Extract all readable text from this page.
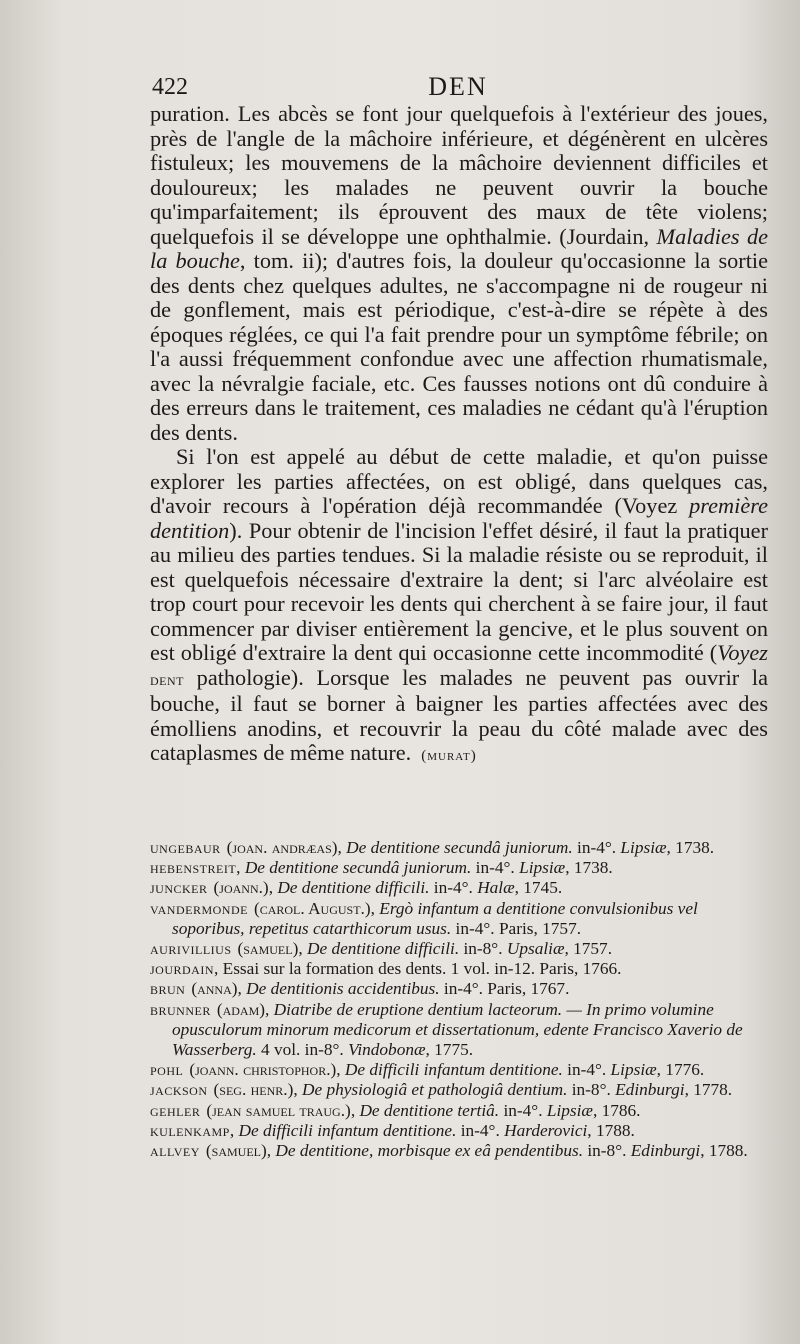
422	DEN

puration. Les abcès se font jour quelquefois à l'extérieur des joues, près de l'angle de la mâchoire inférieure, et dégénèrent en ulcères fistuleux; les mouvemens de la mâchoire deviennent difficiles et douloureux; les malades ne peuvent ouvrir la bouche qu'imparfaitement; ils éprouvent des maux de tête violens; quelquefois il se développe une ophthalmie. (Jourdain, Maladies de la bouche, tom. ii); d'autres fois, la douleur qu'occasionne la sortie des dents chez quelques adultes, ne s'accompagne ni de rougeur ni de gonflement, mais est périodique, c'est-à-dire se répète à des époques réglées, ce qui l'a fait prendre pour un symptôme fébrile; on l'a aussi fréquemment confondue avec une affection rhumatismale, avec la névralgie faciale, etc. Ces fausses notions ont dû conduire à des erreurs dans le traitement, ces maladies ne cédant qu'à l'éruption des dents.

Si l'on est appelé au début de cette maladie, et qu'on puisse explorer les parties affectées, on est obligé, dans quelques cas, d'avoir recours à l'opération déjà recommandée (Voyez première dentition). Pour obtenir de l'incision l'effet désiré, il faut la pratiquer au milieu des parties tendues. Si la maladie résiste ou se reproduit, il est quelquefois nécessaire d'extraire la dent; si l'arc alvéolaire est trop court pour recevoir les dents qui cherchent à se faire jour, il faut commencer par diviser entièrement la gencive, et le plus souvent on est obligé d'extraire la dent qui occasionne cette incommodité (Voyez dent pathologie). Lorsque les malades ne peuvent pas ouvrir la bouche, il faut se borner à baigner les parties affectées avec des émolliens anodins, et recouvrir la peau du côté malade avec des cataplasmes de même nature. (murat)

ungebaur (joan. andræas), De dentitione secundâ juniorum. in-4°. Lipsiæ, 1738.

hebenstreit, De dentitione secundâ juniorum. in-4°. Lipsiæ, 1738.

juncker (joann.), De dentitione difficili. in-4°. Halæ, 1745.

vandermonde (carol. August.), Ergò infantum a dentitione convulsionibus vel soporibus, repetitus catarthicorum usus. in-4°. Paris, 1757.

aurivillius (samuel), De dentitione difficili. in-8°. Upsaliæ, 1757.

jourdain, Essai sur la formation des dents. 1 vol. in-12. Paris, 1766.

brun (anna), De dentitionis accidentibus. in-4°. Paris, 1767.

brunner (adam), Diatribe de eruptione dentium lacteorum. — In primo volumine opusculorum minorum medicorum et dissertationum, edente Francisco Xaverio de Wasserberg. 4 vol. in-8°. Vindobonæ, 1775.

pohl (joann. christophor.), De difficili infantum dentitione. in-4°. Lipsiæ, 1776.

jackson (seg. henr.), De physiologiâ et pathologiâ dentium. in-8°. Edinburgi, 1778.

gehler (jean samuel traug.), De dentitione tertiâ. in-4°. Lipsiæ, 1786.

kulenkamp, De difficili infantum dentitione. in-4°. Harderovici, 1788.

allvey (samuel), De dentitione, morbisque ex eâ pendentibus. in-8°. Edinburgi, 1788.
